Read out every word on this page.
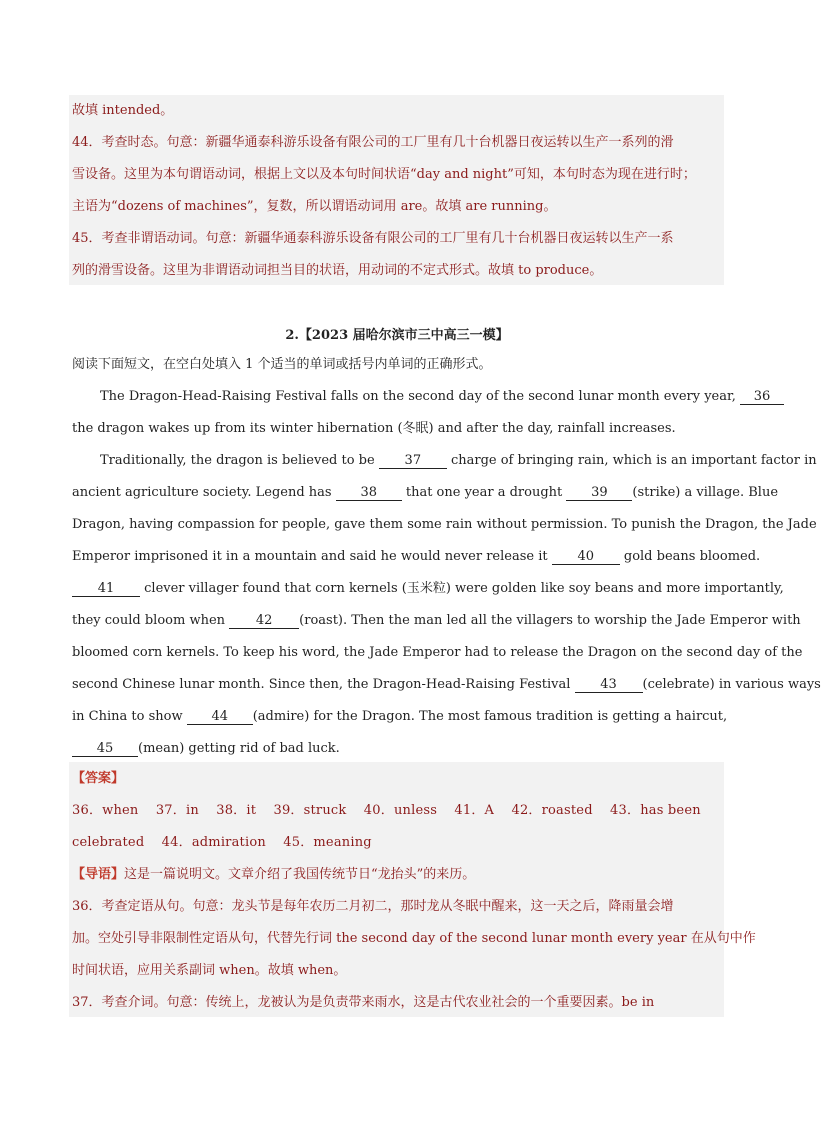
故填 intended。
44．考查时态。句意：新疆华通泰科游乐设备有限公司的工厂里有几十台机器日夜运转以生产一系列的滑
雪设备。这里为本句谓语动词，根据上文以及本句时间状语“day and night”可知，本句时态为现在进行时；
主语为“dozens of machines”，复数，所以谓语动词用 are。故填 are running。
45．考查非谓语动词。句意：新疆华通泰科游乐设备有限公司的工厂里有几十台机器日夜运转以生产一系
列的滑雪设备。这里为非谓语动词担当目的状语，用动词的不定式形式。故填 to produce。
2.【2023 届哈尔滨市三中高三一模】
阅读下面短文，在空白处填入 1 个适当的单词或括号内单词的正确形式。
The Dragon-Head-Raising Festival falls on the second day of the second lunar month every year, 36
the dragon wakes up from its winter hibernation (冬眠) and after the day, rainfall increases.
Traditionally, the dragon is believed to be 37 charge of bringing rain, which is an important factor in
ancient agriculture society. Legend has 38 that one year a drought 39 (strike) a village. Blue
Dragon, having compassion for people, gave them some rain without permission. To punish the Dragon, the Jade
Emperor imprisoned it in a mountain and said he would never release it 40 gold beans bloomed.
41 clever villager found that corn kernels (玉米粒) were golden like soy beans and more importantly,
they could bloom when 42 (roast). Then the man led all the villagers to worship the Jade Emperor with
bloomed corn kernels. To keep his word, the Jade Emperor had to release the Dragon on the second day of the
second Chinese lunar month. Since then, the Dragon-Head-Raising Festival 43 (celebrate) in various ways
in China to show 44 (admire) for the Dragon. The most famous tradition is getting a haircut,
45 (mean) getting rid of bad luck.
【答案】
36．when    37．in    38．it    39．struck    40．unless    41．A    42．roasted    43．has been
celebrated    44．admiration    45．meaning
【导语】这是一篇说明文。文章介绍了我国传统节日“龙抬头”的来历。
36．考查定语从句。句意：龙头节是每年农历二月初二，那时龙从冬眠中醒来，这一天之后，降雨量会增
加。空处引导非限制性定语从句，代替先行词 the second day of the second lunar month every year 在从句中作
时间状语，应用关系副词 when。故填 when。
37．考查介词。句意：传统上，龙被认为是负责带来雨水，这是古代农业社会的一个重要因素。be in
